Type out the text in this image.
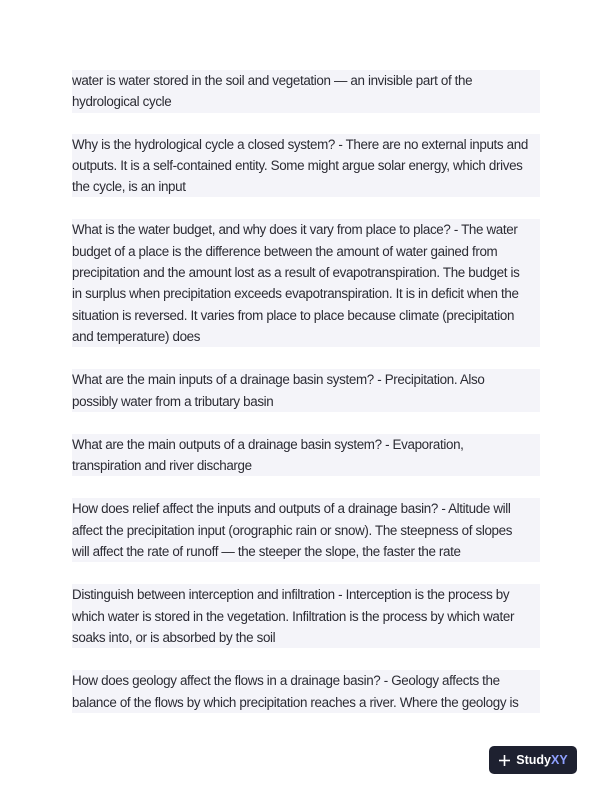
water is water stored in the soil and vegetation — an invisible part of the
hydrological cycle

Why is the hydrological cycle a closed system? - There are no external inputs and
outputs. It is a self-contained entity. Some might argue solar energy, which drives
the cycle, is an input

What is the water budget, and why does it vary from place to place? - The water
budget of a place is the difference between the amount of water gained from
precipitation and the amount lost as a result of evapotranspiration. The budget is
in surplus when precipitation exceeds evapotranspiration. It is in deficit when the
situation is reversed. It varies from place to place because climate (precipitation
and temperature) does

What are the main inputs of a drainage basin system? - Precipitation. Also
possibly water from a tributary basin

What are the main outputs of a drainage basin system? - Evaporation,
transpiration and river discharge

How does relief affect the inputs and outputs of a drainage basin? - Altitude will
affect the precipitation input (orographic rain or snow). The steepness of slopes
will affect the rate of runoff — the steeper the slope, the faster the rate

Distinguish between interception and infiltration - Interception is the process by
which water is stored in the vegetation. Infiltration is the process by which water
soaks into, or is absorbed by the soil

How does geology affect the flows in a drainage basin? - Geology affects the
balance of the flows by which precipitation reaches a river. Where the geology is

StudyXY
